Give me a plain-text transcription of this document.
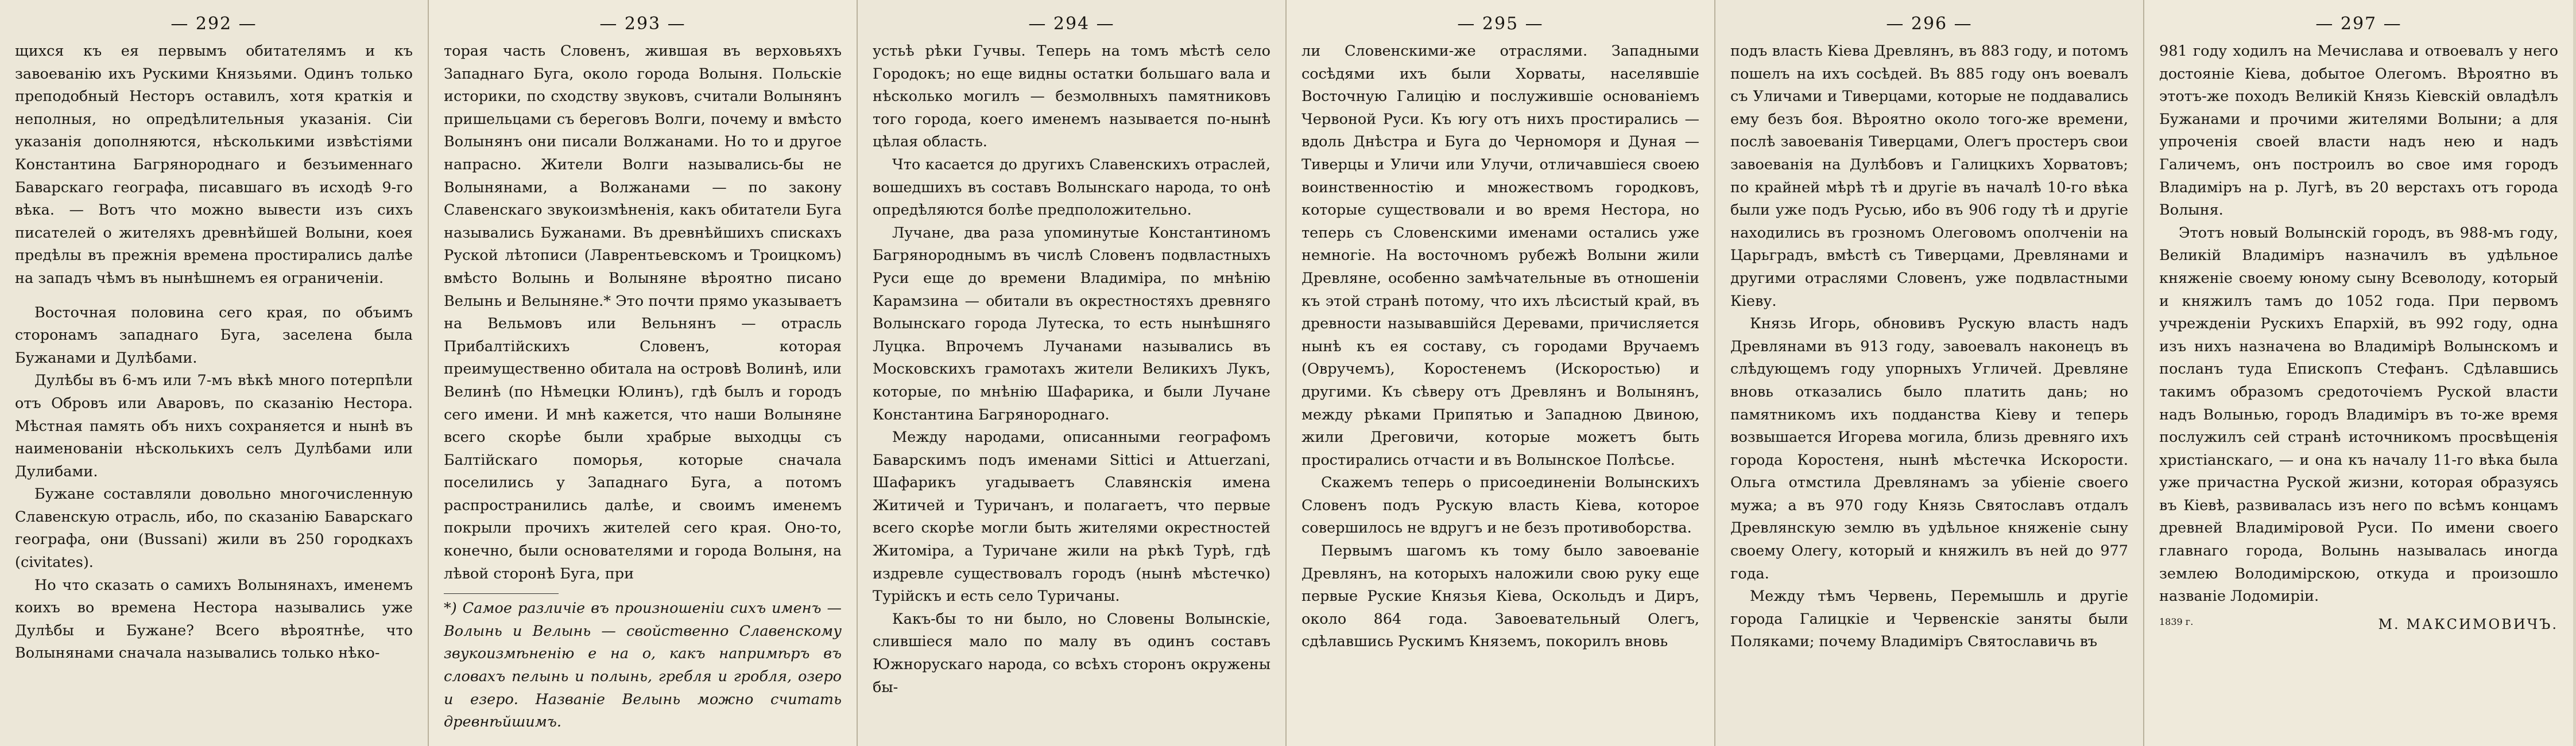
— 292 —

щихся къ ея первымъ обитателямъ и къ завоеванію ихъ Рускими Князьями. Одинъ только преподобный Несторъ оставилъ, хотя краткія и неполныя, но опредѣлительныя указанія. Сіи указанія дополняются, нѣсколькими извѣстіями Константина Багрянороднаго и безъименнаго Баварскаго географа, писавшаго въ исходѣ 9-го вѣка. — Вотъ что можно вывести изъ сихъ писателей о жителяхъ древнѣйшей Волыни, коея предѣлы въ прежнія времена простирались далѣе на западъ чѣмъ въ нынѣшнемъ ея ограниченіи.

Восточная половина сего края, по объимъ сторонамъ западнаго Буга, заселена была Бужанами и Дулѣбами.

Дулѣбы въ 6-мъ или 7-мъ вѣкѣ много потерпѣли отъ Обровъ или Аваровъ, по сказанію Нестора. Мѣстная память объ нихъ сохраняется и нынѣ въ наименованіи нѣсколькихъ селъ Дулѣбами или Дулибами.

Бужане составляли довольно многочисленную Славенскую отрасль, ибо, по сказанію Баварскаго географа, они (Bussani) жили въ 250 городкахъ (civitates).

Но что сказать о самихъ Волынянахъ, именемъ коихъ во времена Нестора назывались уже Дулѣбы и Бужане? Всего вѣроятнѣе, что Волынянами сначала назывались только нѣко-

— 293 —

торая часть Словенъ, жившая въ верховьяхъ Западнаго Буга, около города Волыня. Польскіе историки, по сходству звуковъ, считали Волынянъ пришельцами съ береговъ Волги, почему и вмѣсто Волынянъ они писали Волжанами. Но то и другое напрасно. Жители Волги назывались-бы не Волынянами, а Волжанами — по закону Славенскаго звукоизмѣненія, какъ обитатели Буга назывались Бужанами. Въ древнѣйшихъ спискахъ Руской лѣтописи (Лаврентьевскомъ и Троицкомъ) вмѣсто Волынь и Волыняне вѣроятно писано Велынь и Велыняне.* Это почти прямо указываетъ на Вельмовъ или Вельнянъ — отрасль Прибалтійскихъ Словенъ, которая преимущественно обитала на островѣ Волинѣ, или Велинѣ (по Нѣмецки Юлинъ), гдѣ былъ и городъ сего имени. И мнѣ кажется, что наши Волыняне всего скорѣе были храбрые выходцы съ Балтійскаго поморья, которые сначала поселились у Западнаго Буга, а потомъ распространились далѣе, и своимъ именемъ покрыли прочихъ жителей сего края. Оно-то, конечно, были основателями и города Волыня, на лѣвой сторонѣ Буга, при

*) Самое различіе въ произношеніи сихъ именъ — Волынь и Велынь — свойственно Славенскому звукоизмѣненію е на о, какъ напримѣръ въ словахъ пелынь и полынь, гребля и гробля, озеро и езеро. Названіе Велынь можно считать древнѣйшимъ.

— 294 —

устьѣ рѣки Гучвы. Теперь на томъ мѣстѣ село Городокъ; но еще видны остатки большаго вала и нѣсколько могилъ — безмолвныхъ памятниковъ того города, коего именемъ называется по-нынѣ цѣлая область.

Что касается до другихъ Славенскихъ отраслей, вошедшихъ въ составъ Волынскаго народа, то онѣ опредѣляются болѣе предположительно.

Лучане, два раза упоминутые Константиномъ Багрянороднымъ въ числѣ Словенъ подвластныхъ Руси еще до времени Владиміра, по мнѣнію Карамзина — обитали въ окрестностяхъ древняго Волынскаго города Лутеска, то есть нынѣшняго Луцка. Впрочемъ Лучанами назывались въ Московскихъ грамотахъ жители Великихъ Лукъ, которые, по мнѣнію Шафарика, и были Лучане Константина Багрянороднаго.

Между народами, описанными географомъ Баварскимъ подъ именами Sittici и Attuerzani, Шафарикъ угадываетъ Славянскія имена Житичей и Туричанъ, и полагаетъ, что первые всего скорѣе могли быть жителями окрестностей Житоміра, а Туричане жили на рѣкѣ Турѣ, гдѣ издревле существовалъ городъ (нынѣ мѣстечко) Турійскъ и есть село Туричаны.

Какъ-бы то ни было, но Словены Волынскіе, слившіеся мало по малу въ одинъ составъ Южнорускаго народа, со всѣхъ сторонъ окружены бы-

— 295 —

ли Словенскими-же отраслями. Западными сосѣдями ихъ были Хорваты, населявшіе Восточную Галицію и послужившіе основаніемъ Червоной Руси. Къ югу отъ нихъ простирались — вдоль Днѣстра и Буга до Черноморя и Дуная — Тиверцы и Уличи или Улучи, отличавшіеся своею воинственностію и множествомъ городковъ, которые существовали и во время Нестора, но теперь съ Словенскими именами остались уже немногіе. На восточномъ рубежѣ Волыни жили Древляне, особенно замѣчательные въ отношеніи къ этой странѣ потому, что ихъ лѣсистый край, въ древности называвшійся Деревами, причисляется нынѣ къ ея составу, съ городами Вручаемъ (Овручемъ), Коростенемъ (Искоростью) и другими. Къ сѣверу отъ Древлянъ и Волынянъ, между рѣками Припятью и Западною Двиною, жили Дреговичи, которые можетъ быть простирались отчасти и въ Волынское Полѣсье.

Скажемъ теперь о присоединеніи Волынскихъ Словенъ подъ Рускую власть Кіева, которое совершилось не вдругъ и не безъ противоборства.

Первымъ шагомъ къ тому было завоеваніе Древлянъ, на которыхъ наложили свою руку еще первые Руские Князья Кіева, Оскольдъ и Диръ, около 864 года. Завоевательный Олегъ, сдѣлавшись Рускимъ Княземъ, покорилъ вновь

— 296 —

подъ власть Кіева Древлянъ, въ 883 году, и потомъ пошелъ на ихъ сосѣдей. Въ 885 году онъ воевалъ съ Уличами и Тиверцами, которые не поддавались ему безъ боя. Вѣроятно около того-же времени, послѣ завоеванія Тиверцами, Олегъ простеръ свои завоеванія на Дулѣбовъ и Галицкихъ Хорватовъ; по крайней мѣрѣ тѣ и другіе въ началѣ 10-го вѣка были уже подъ Русью, ибо въ 906 году тѣ и другіе находились въ грозномъ Олеговомъ ополченіи на Царьградъ, вмѣстѣ съ Тиверцами, Древлянами и другими отраслями Словенъ, уже подвластными Кіеву.

Князь Игорь, обновивъ Рускую власть надъ Древлянами въ 913 году, завоевалъ наконецъ въ слѣдующемъ году упорныхъ Угличей. Древляне вновь отказались было платить дань; но памятникомъ ихъ подданства Кіеву и теперь возвышается Игорева могила, близь древняго ихъ города Коростеня, нынѣ мѣстечка Искорости. Ольга отмстила Древлянамъ за убіеніе своего мужа; а въ 970 году Князь Святославъ отдалъ Древлянскую землю въ удѣльное княженіе сыну своему Олегу, который и княжилъ въ ней до 977 года.

Между тѣмъ Червень, Перемышль и другіе города Галицкіе и Червенскіе заняты были Поляками; почему Владиміръ Святославичь въ

— 297 —

981 году ходилъ на Мечислава и отвоевалъ у него достояніе Кіева, добытое Олегомъ. Вѣроятно въ этотъ-же походъ Великій Князь Кіевскій овладѣлъ Бужанами и прочими жителями Волыни; а для упроченія своей власти надъ нею и надъ Галичемъ, онъ построилъ во свое имя городъ Владиміръ на р. Лугѣ, въ 20 верстахъ отъ города Волыня.

Этотъ новый Волынскій городъ, въ 988-мъ году, Великій Владиміръ назначилъ въ удѣльное княженіе своему юному сыну Всеволоду, который и княжилъ тамъ до 1052 года. При первомъ учрежденіи Рускихъ Епархій, въ 992 году, одна изъ нихъ назначена во Владимірѣ Волынскомъ и посланъ туда Епископъ Стефанъ. Сдѣлавшись такимъ образомъ средоточіемъ Руской власти надъ Волынью, городъ Владиміръ въ то-же время послужилъ сей странѣ источникомъ просвѣщенія христіанскаго, — и она къ началу 11-го вѣка была уже причастна Руской жизни, которая образуясь въ Кіевѣ, развивалась изъ него по всѣмъ концамъ древней Владиміровой Руси. По имени своего главнаго города, Волынь называлась иногда землею Володимірскою, откуда и произошло названіе Лодомиріи.

М. МАКСИМОВИЧЪ.
1839 г.
